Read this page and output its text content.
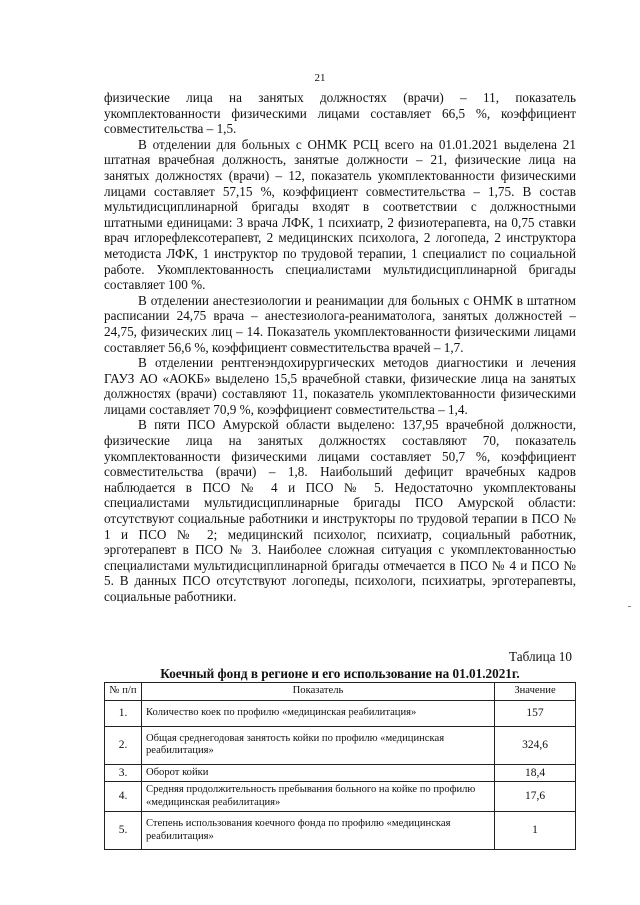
21

физические лица на занятых должностях (врачи) – 11, показатель укомплектованности физическими лицами составляет 66,5 %, коэффициент совместительства – 1,5.

В отделении для больных с ОНМК РСЦ всего на 01.01.2021 выделена 21 штатная врачебная должность, занятые должности – 21, физические лица на занятых должностях (врачи) – 12, показатель укомплектованности физическими лицами составляет 57,15 %, коэффициент совместительства – 1,75. В состав мультидисциплинарной бригады входят в соответствии с должностными штатными единицами: 3 врача ЛФК, 1 психиатр, 2 физиотерапевта, на 0,75 ставки врач иглорефлексотерапевт, 2 медицинских психолога, 2 логопеда, 2 инструктора методиста ЛФК, 1 инструктор по трудовой терапии, 1 специалист по социальной работе. Укомплектованность специалистами мультидисциплинарной бригады составляет 100 %.

В отделении анестезиологии и реанимации для больных с ОНМК в штатном расписании 24,75 врача – анестезиолога-реаниматолога, занятых должностей – 24,75, физических лиц – 14. Показатель укомплектованности физическими лицами составляет 56,6 %, коэффициент совместительства врачей – 1,7.

В отделении рентгенэндохирургических методов диагностики и лечения ГАУЗ АО «АОКБ» выделено 15,5 врачебной ставки, физические лица на занятых должностях (врачи) составляют 11, показатель укомплектованности физическими лицами составляет 70,9 %, коэффициент совместительства – 1,4.

В пяти ПСО Амурской области выделено: 137,95 врачебной должности, физические лица на занятых должностях составляют 70, показатель укомплектованности физическими лицами составляет 50,7 %, коэффициент совместительства (врачи) – 1,8. Наибольший дефицит врачебных кадров наблюдается в ПСО № 4 и ПСО № 5. Недостаточно укомплектованы специалистами мультидисциплинарные бригады ПСО Амурской области: отсутствуют социальные работники и инструкторы по трудовой терапии в ПСО № 1 и ПСО № 2; медицинский психолог, психиатр, социальный работник, эрготерапевт в ПСО № 3. Наиболее сложная ситуация с укомплектованностью специалистами мультидисциплинарной бригады отмечается в ПСО № 4 и ПСО № 5. В данных ПСО отсутствуют логопеды, психологи, психиатры, эрготерапевты, социальные работники.

Таблица 10
Коечный фонд в регионе и его использование на 01.01.2021г.
№ п/п	Показатель	Значение
1.	Количество коек по профилю «медицинская реабилитация»	157
2.	Общая среднегодовая занятость койки по профилю «медицинская реабилитация»	324,6
3.	Оборот койки	18,4
4.	Средняя продолжительность пребывания больного на койке по профилю «медицинская реабилитация»	17,6
5.	Степень использования коечного фонда по профилю «медицинская реабилитация»	1
